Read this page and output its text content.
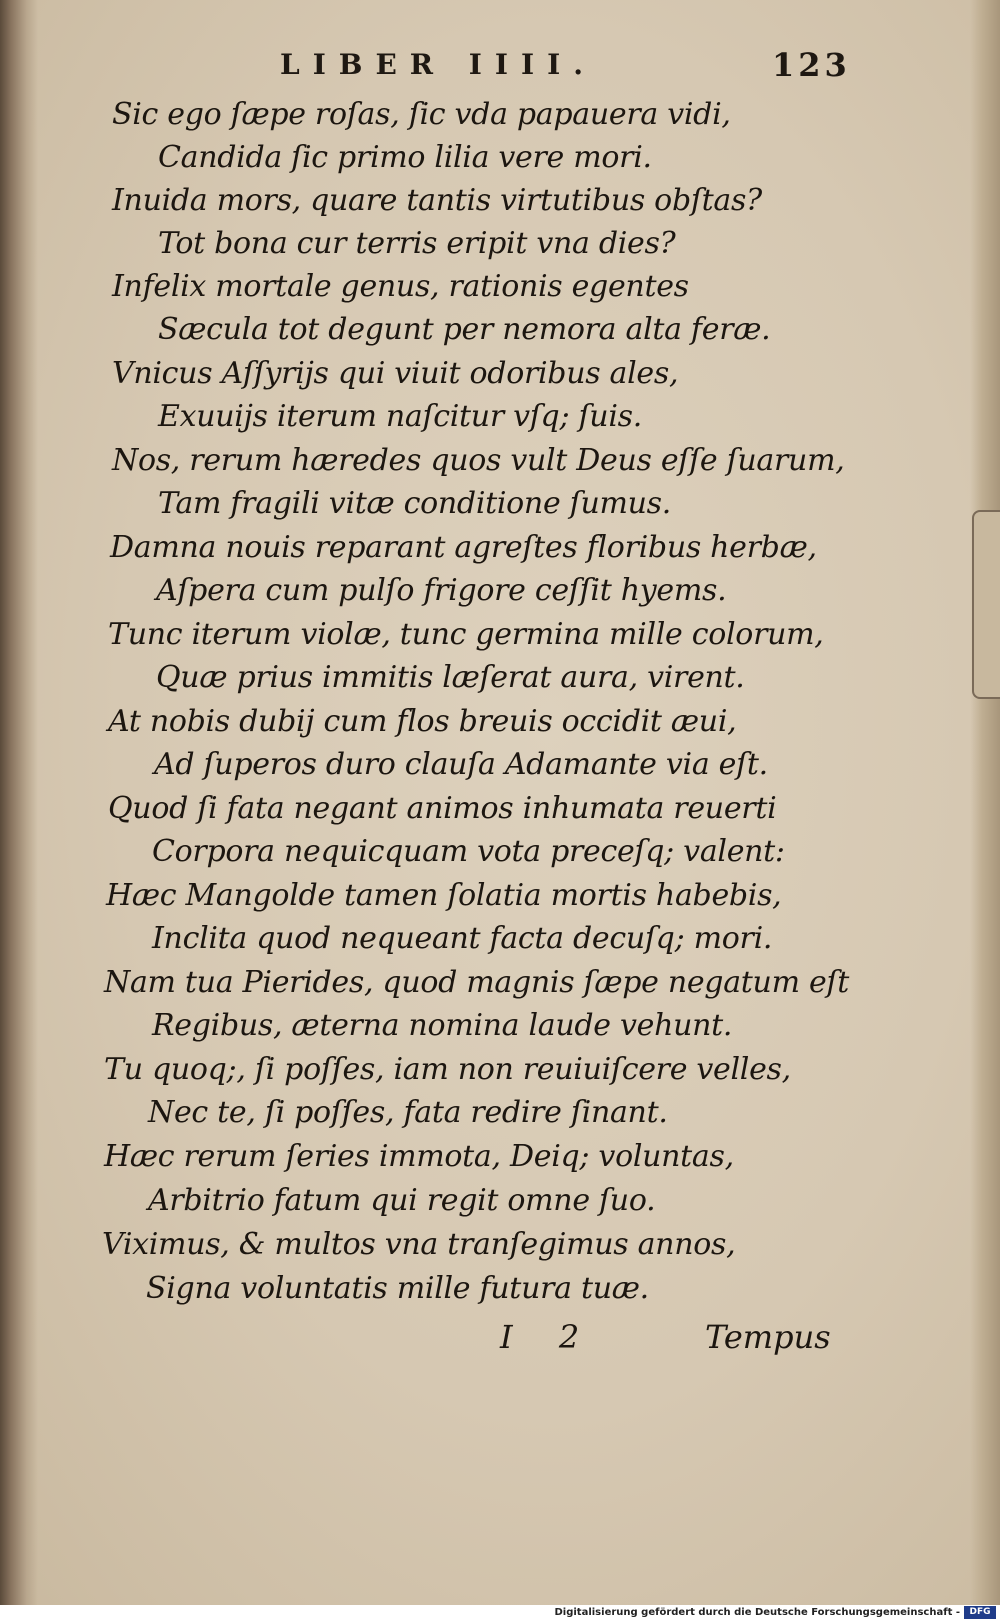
LIBER IIII.	123
Sic ego ſæpe roſas, ſic vda papauera vidi,
Candida ſic primo lilia vere mori.
Inuida mors, quare tantis virtutibus obſtas?
Tot bona cur terris eripit vna dies?
Infelix mortale genus, rationis egentes
Sæcula tot degunt per nemora alta feræ.
Vnicus Aſſyrijs qui viuit odoribus ales,
Exuuijs iterum naſcitur vſq; ſuis.
Nos, rerum hæredes quos vult Deus eſſe ſuarum,
Tam fragili vitæ conditione ſumus.
Damna nouis reparant agreſtes floribus herbæ,
Aſpera cum pulſo frigore ceſſit hyems.
Tunc iterum violæ, tunc germina mille colorum,
Quæ prius immitis læſerat aura, virent.
At nobis dubij cum flos breuis occidit æui,
Ad ſuperos duro clauſa Adamante via eſt.
Quod ſi fata negant animos inhumata reuerti
Corpora nequicquam vota preceſq; valent:
Hæc Mangolde tamen ſolatia mortis habebis,
Inclita quod nequeant facta decuſq; mori.
Nam tua Pierides, quod magnis ſæpe negatum eſt
Regibus, æterna nomina laude vehunt.
Tu quoq;, ſi poſſes, iam non reuiuiſcere velles,
Nec te, ſi poſſes, fata redire ſinant.
Hæc rerum ſeries immota, Deiq; voluntas,
Arbitrio fatum qui regit omne ſuo.
Viximus, & multos vna tranſegimus annos,
Signa voluntatis mille futura tuæ.
I 2	Tempus
Digitalisierung gefördert durch die Deutsche Forschungsgemeinschaft -	DFG
